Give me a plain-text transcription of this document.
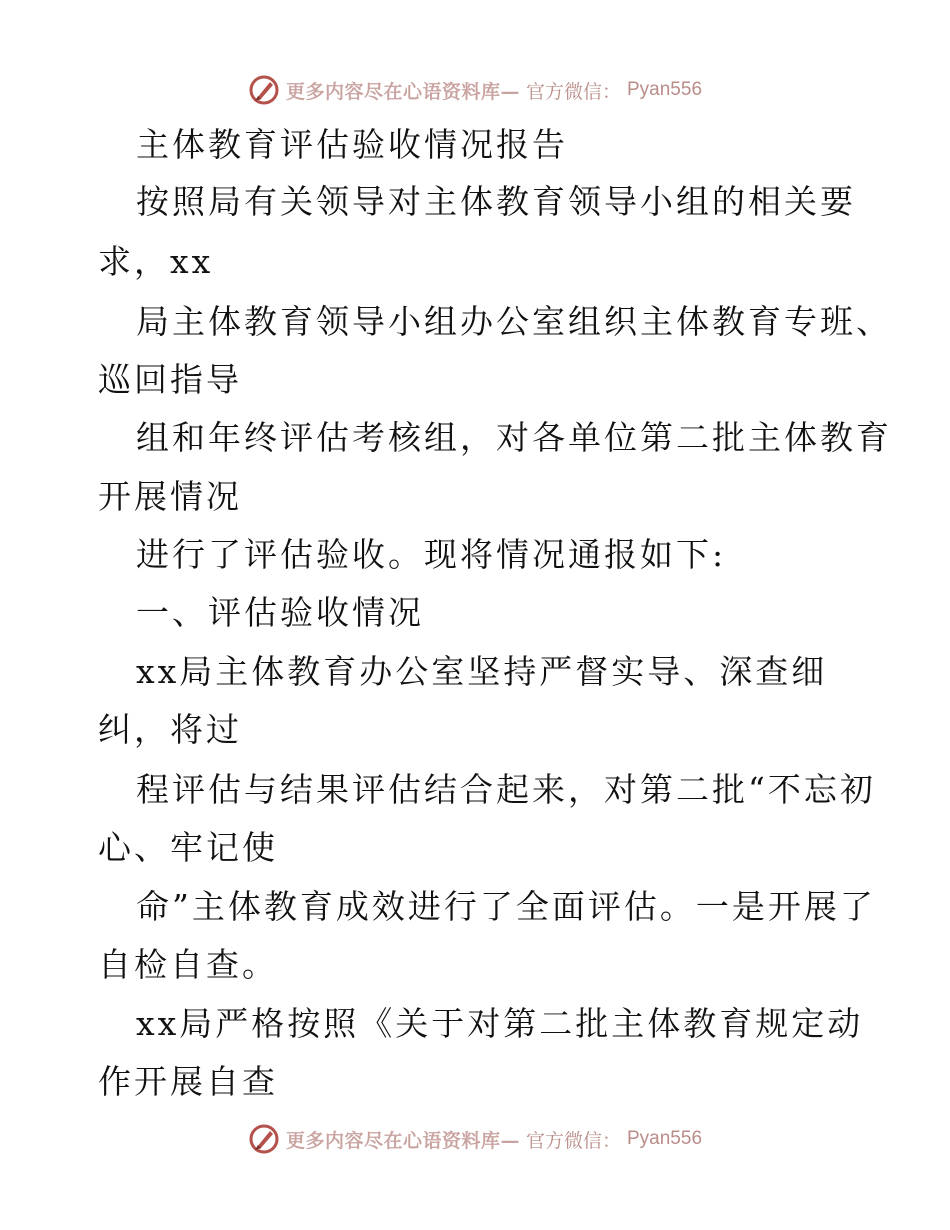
更多内容尽在心语资料库— 官方微信： Pyan556
主体教育评估验收情况报告
按照局有关领导对主体教育领导小组的相关要
求，xx
局主体教育领导小组办公室组织主体教育专班、
巡回指导
组和年终评估考核组，对各单位第二批主体教育
开展情况
进行了评估验收。现将情况通报如下:
一、评估验收情况
xx局主体教育办公室坚持严督实导、深查细
纠，将过
程评估与结果评估结合起来，对第二批“不忘初
心、牢记使
命”主体教育成效进行了全面评估。一是开展了
自检自查。
xx局严格按照《关于对第二批主体教育规定动
作开展自查
更多内容尽在心语资料库— 官方微信： Pyan556
